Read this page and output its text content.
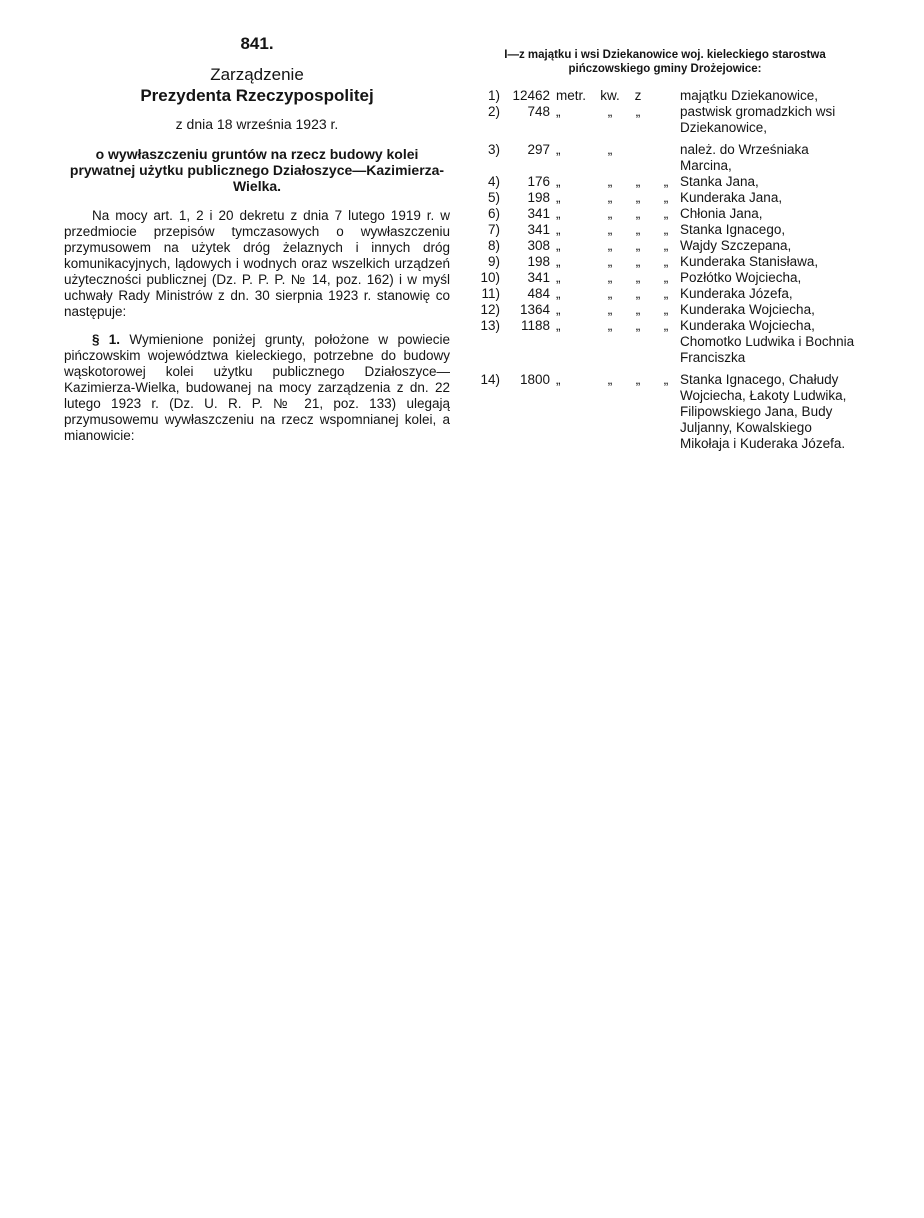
841.

Zarządzenie

Prezydenta Rzeczypospolitej

z dnia 18 września 1923 r.

o wywłaszczeniu gruntów na rzecz budowy kolei prywatnej użytku publicznego Działoszyce—Kazimierza-Wielka.

Na mocy art. 1, 2 i 20 dekretu z dnia 7 lutego 1919 r. w przedmiocie przepisów tymczasowych o wywłaszczeniu przymusowem na użytek dróg żelaznych i innych dróg komunikacyjnych, lądowych i wodnych oraz wszelkich urządzeń użyteczności publicznej (Dz. P. P. P. № 14, poz. 162) i w myśl uchwały Rady Ministrów z dn. 30 sierpnia 1923 r. stanowię co następuje:

§ 1. Wymienione poniżej grunty, położone w powiecie pińczowskim województwa kieleckiego, potrzebne do budowy wąskotorowej kolei użytku publicznego Działoszyce—Kazimierza-Wielka, budowanej na mocy zarządzenia z dn. 22 lutego 1923 r. (Dz. U. R. P. № 21, poz. 133) ulegają przymusowemu wywłaszczeniu na rzecz wspomnianej kolei, a mianowicie:

I—z majątku i wsi Dziekanowice woj. kieleckiego starostwa pińczowskiego gminy Drożejowice:

1)	12462	metr.	kw.	z		majątku Dziekanowice,
2)	748	„	„	„		pastwisk gromadzkich wsi Dziekanowice,
3)	297	„	„			należ. do Wrześniaka Marcina,
4)	176	„	„	„	„	Stanka Jana,
5)	198	„	„	„	„	Kunderaka Jana,
6)	341	„	„	„	„	Chłonia Jana,
7)	341	„	„	„	„	Stanka Ignacego,
8)	308	„	„	„	„	Wajdy Szczepana,
9)	198	„	„	„	„	Kunderaka Stanisława,
10)	341	„	„	„	„	Pozłótko Wojciecha,
11)	484	„	„	„	„	Kunderaka Józefa,
12)	1364	„	„	„	„	Kunderaka Wojciecha,
13)	1188	„	„	„	„	Kunderaka Wojciecha, Chomotko Ludwika i Bochnia Franciszka
14)	1800	„	„	„	„	Stanka Ignacego, Chałudy Wojciecha, Łakoty Ludwika, Filipowskiego Jana, Budy Juljanny, Kowalskiego Mikołaja i Kuderaka Józefa.
